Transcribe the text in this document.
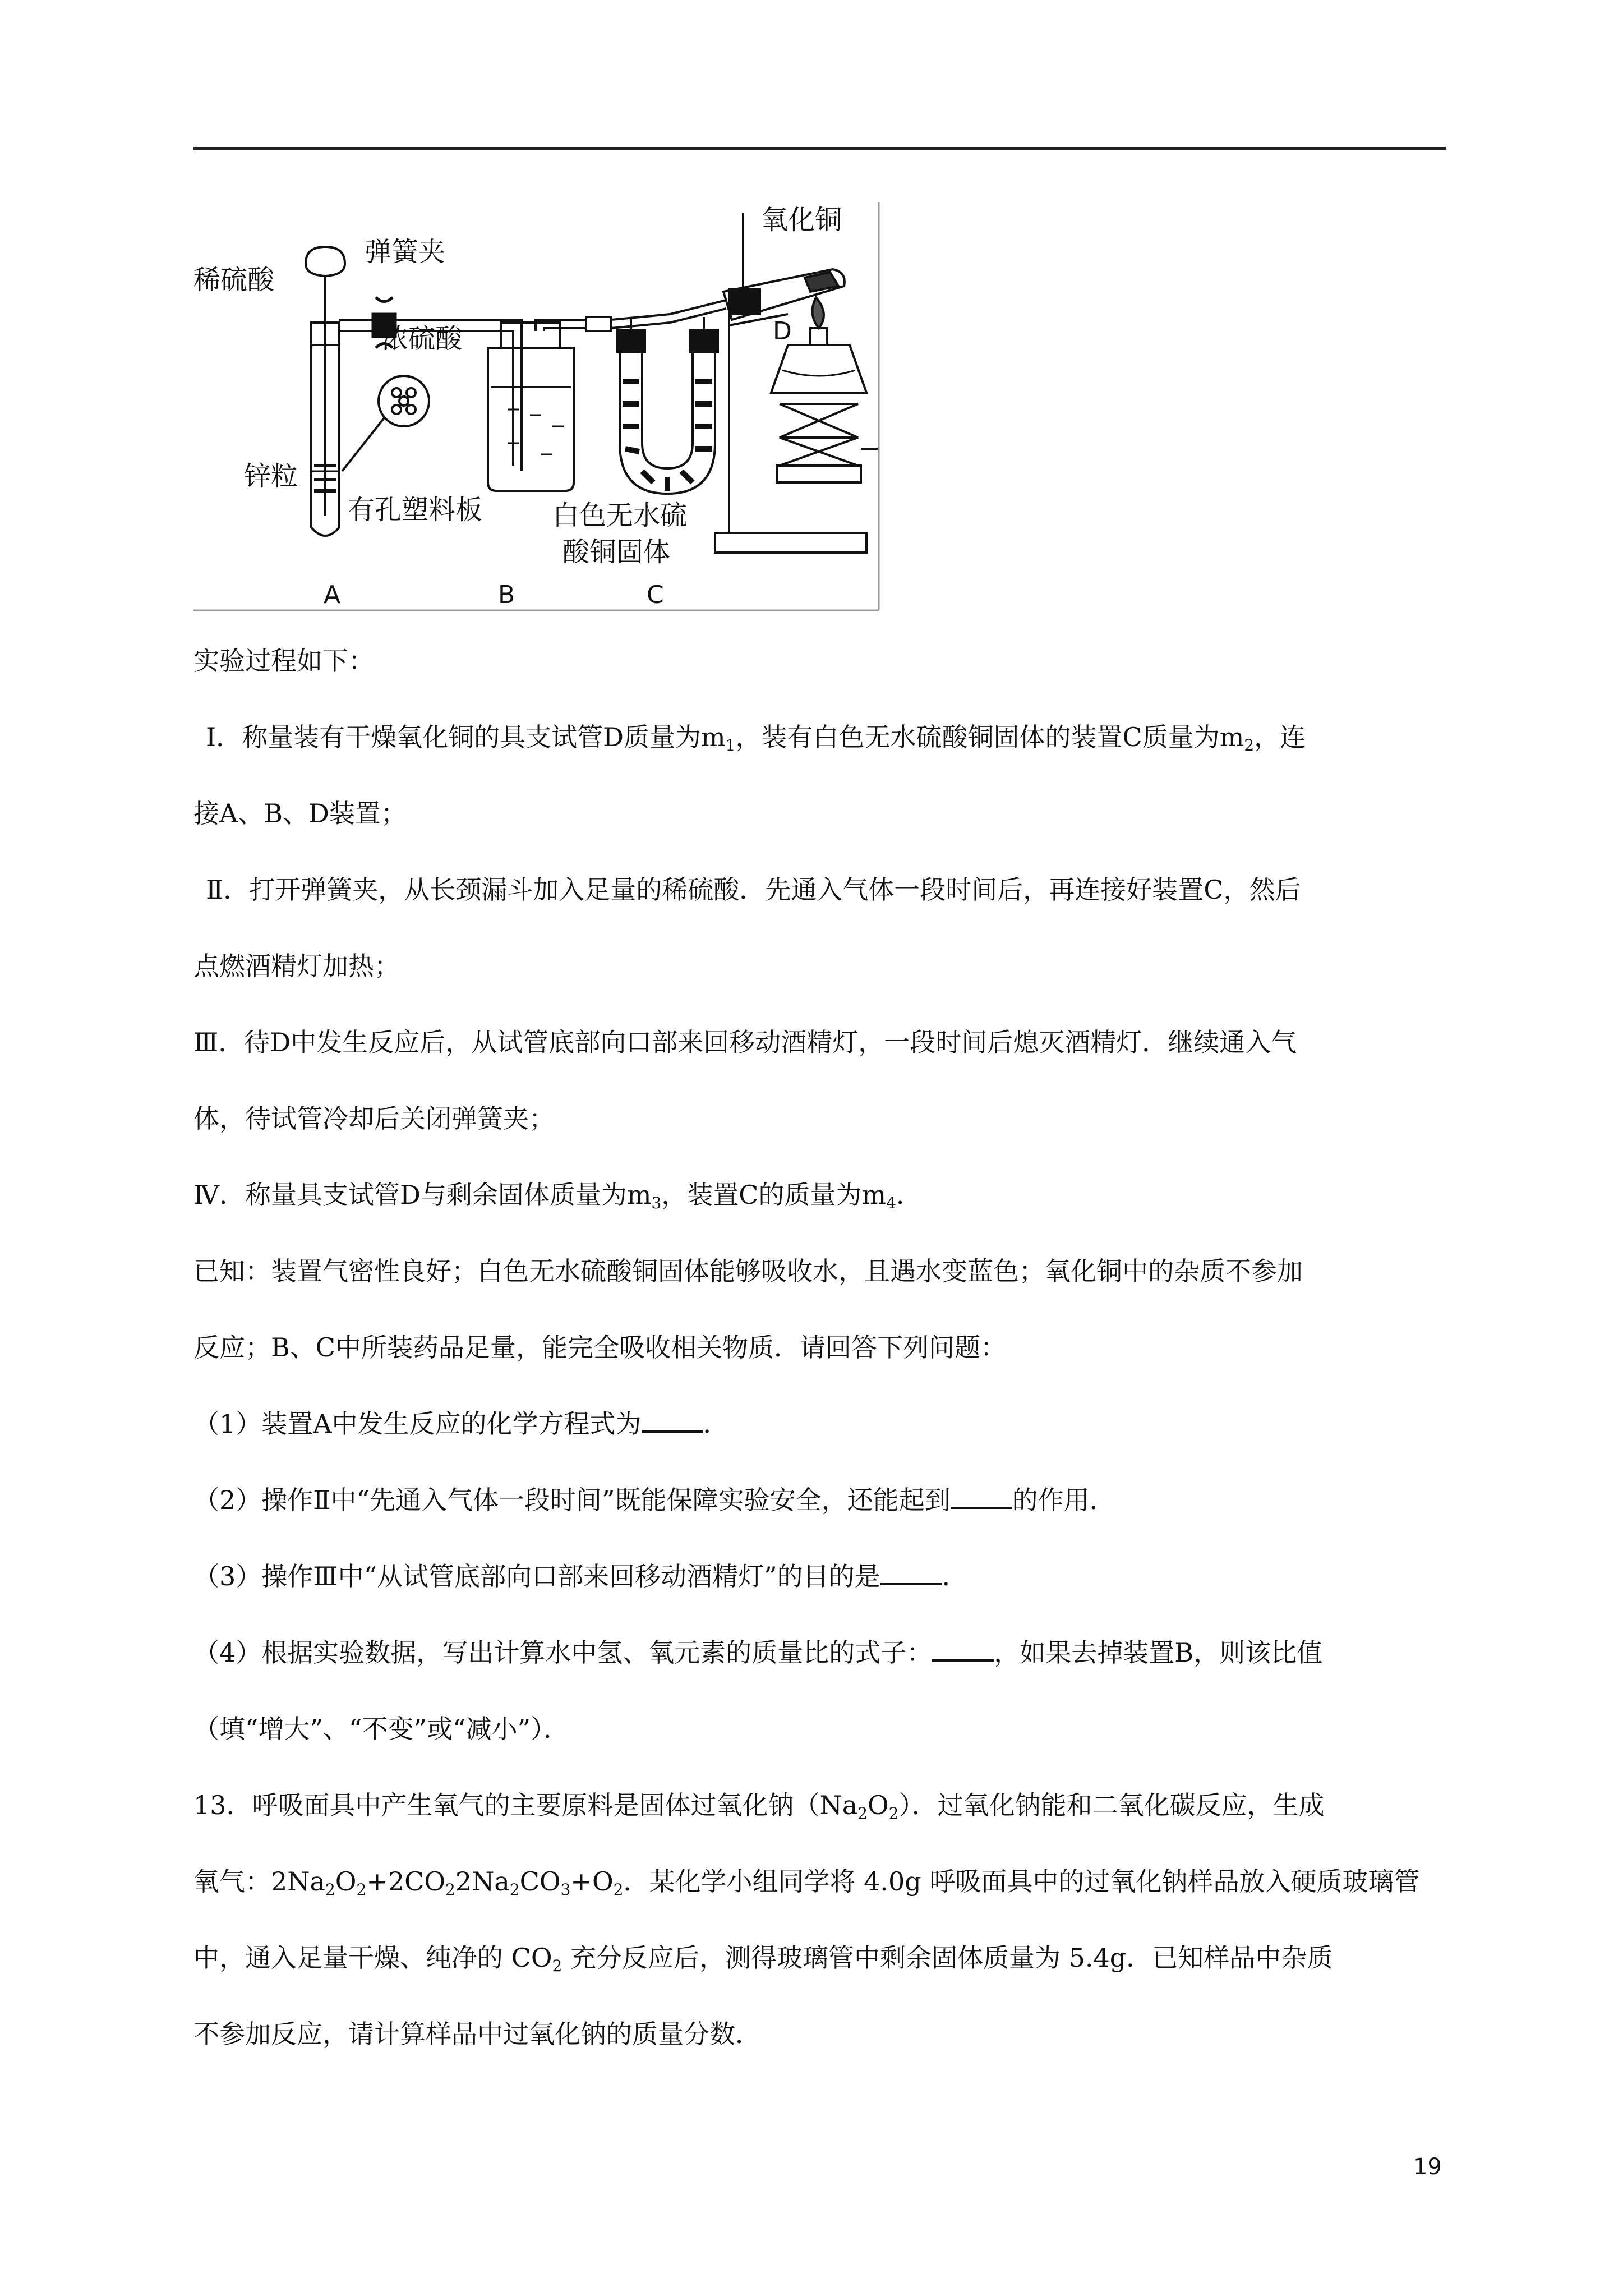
稀硫酸
弹簧夹
氧化铜
浓硫酸
锌粒
有孔塑料板	白色无水硫
酸铜固体
D
A	B	C
实验过程如下：
Ⅰ．称量装有干燥氧化铜的具支试管D质量为$m_1$，装有白色无水硫酸铜固体的装置C质量为$m_2$，连
接A、B、D装置；
Ⅱ．打开弹簧夹，从长颈漏斗加入足量的稀硫酸．先通入气体一段时间后，再连接好装置C，然后
点燃酒精灯加热；
Ⅲ．待D中发生反应后，从试管底部向口部来回移动酒精灯，一段时间后熄灭酒精灯．继续通入气
体，待试管冷却后关闭弹簧夹；
Ⅳ．称量具支试管D与剩余固体质量为$m_3$，装置C的质量为$m_4$．
已知：装置气密性良好；白色无水硫酸铜固体能够吸收水，且遇水变蓝色；氧化铜中的杂质不参加
反应；B、C中所装药品足量，能完全吸收相关物质．请回答下列问题：
（1）装置A中发生反应的化学方程式为 ．
（2）操作Ⅱ中“先通入气体一段时间”既能保障实验安全，还能起到 的作用．
（3）操作Ⅲ中“从试管底部向口部来回移动酒精灯”的目的是 ．
（4）根据实验数据，写出计算水中氢、氧元素的质量比的式子： ，如果去掉装置B，则该比值
（填“增大”、“不变”或“减小”）．
13．呼吸面具中产生氧气的主要原料是固体过氧化钠$(Na_2O_2)$．过氧化钠能和二氧化碳反应，生成
氧气：$2Na_2O_2+2CO_22Na_2CO_3+O_2$．某化学小组同学将 4.0g 呼吸面具中的过氧化钠样品放入硬质玻璃管
中，通入足量干燥、纯净的 $CO_2$ 充分反应后，测得玻璃管中剩余固体质量为 5.4g．已知样品中杂质
不参加反应，请计算样品中过氧化钠的质量分数．
19
